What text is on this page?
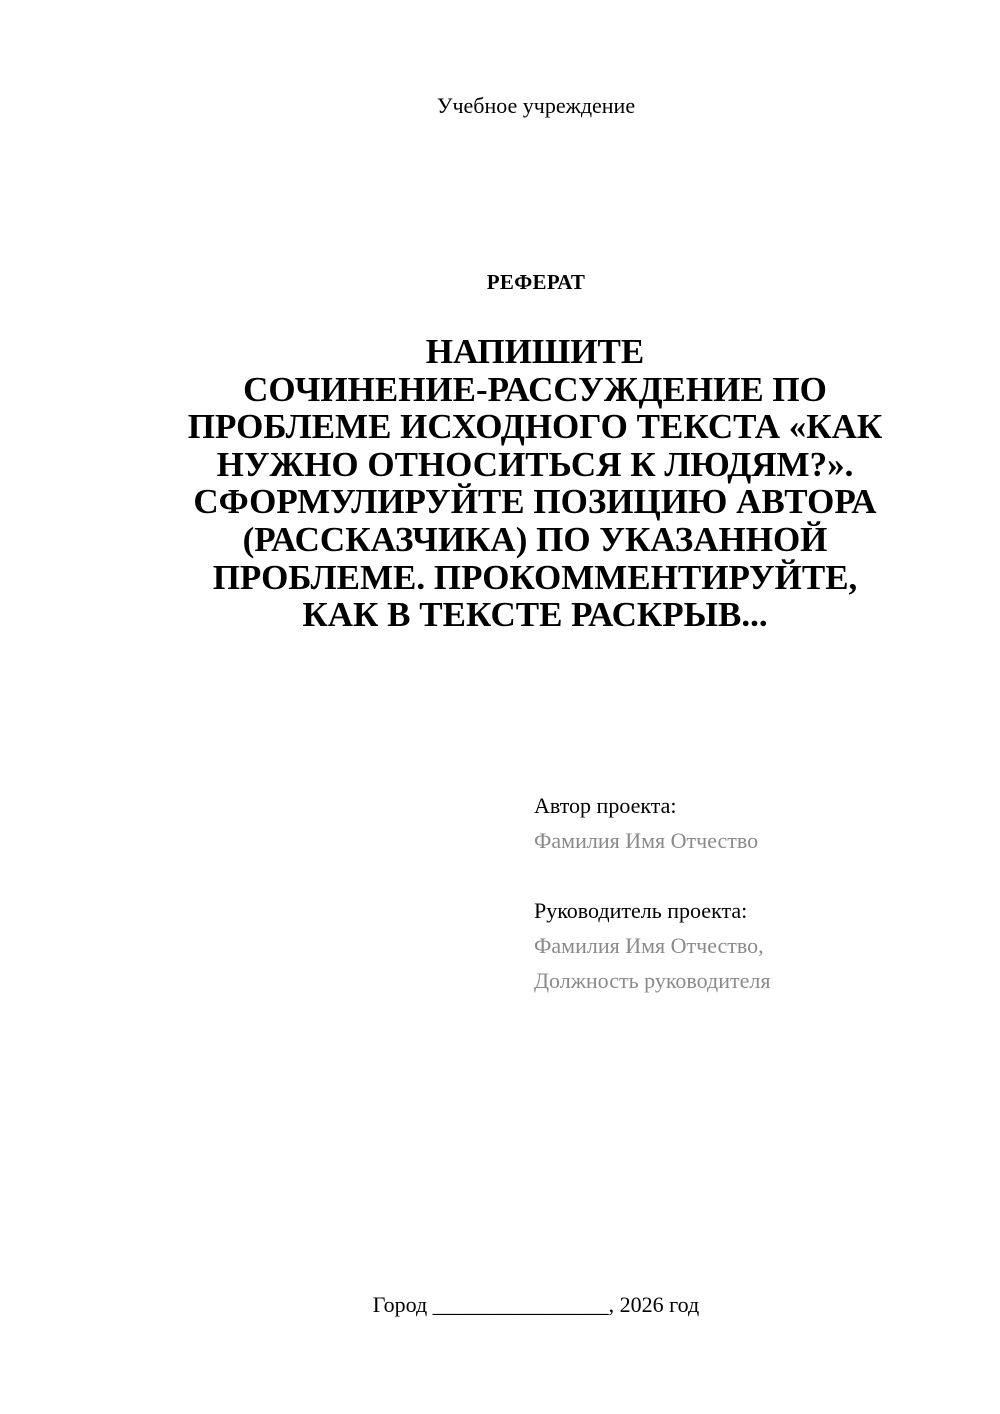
Учебное учреждение
РЕФЕРАТ
НАПИШИТЕ
СОЧИНЕНИЕ-РАССУЖДЕНИЕ ПО
ПРОБЛЕМЕ ИСХОДНОГО ТЕКСТА «КАК
НУЖНО ОТНОСИТЬСЯ К ЛЮДЯМ?».
СФОРМУЛИРУЙТЕ ПОЗИЦИЮ АВТОРА
(РАССКАЗЧИКА) ПО УКАЗАННОЙ
ПРОБЛЕМЕ. ПРОКОММЕНТИРУЙТЕ,
КАК В ТЕКСТЕ РАСКРЫВ...
Автор проекта:
Фамилия Имя Отчество
Руководитель проекта:
Фамилия Имя Отчество,
Должность руководителя
Город ________________, 2026 год
